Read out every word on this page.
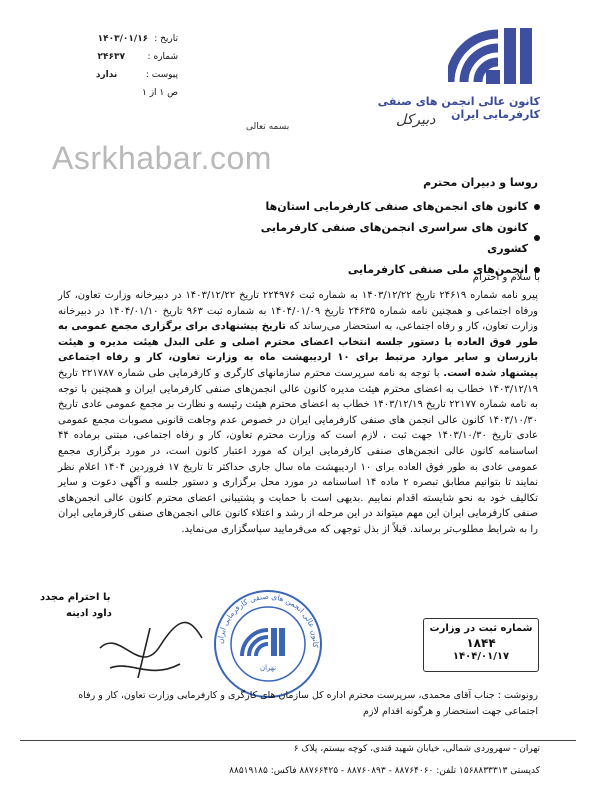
تاریخ :
۱۴۰۳/۰۱/۱۶
شماره :
۲۴۶۳۷
پیوست :
ندارد
ص ۱ از ۱
کانون عالی انجمن های صنفی کارفرمایی ایران
دبیرکل
بسمه تعالی
Asrkhabar.com
روسا و دبیران محترم
کانون های انجمن‌های صنفی کارفرمایی استان‌ها
کانون های سراسری انجمن‌های صنفی کارفرمایی کشوری
انجمن‌های ملی صنفی کارفرمایی
با سلام و احترام
پیرو نامه شماره ۲۴۶۱۹ تاریخ ۱۴۰۳/۱۲/۲۲ به شماره ثبت ۲۲۴۹۷۶ تاریخ ۱۴۰۳/۱۲/۲۲ در دبیرخانه وزارت تعاون، کار ورفاه اجتماعی و همچنین نامه شماره ۲۴۶۳۵ تاریخ ۱۴۰۴/۰۱/۰۹ به شماره ثبت ۹۶۳ تاریخ ۱۴۰۴/۰۱/۱۰ در دبیرخانه وزارت تعاون، کار و رفاه اجتماعی، به استحضار می‌رساند که تاریخ پیشنهادی برای برگزاری مجمع عمومی به طور فوق العاده با دستور جلسه انتخاب اعضای محترم اصلی و علی البدل هیئت مدیره و هیئت بازرسان و سایر موارد مرتبط برای ۱۰ اردیبهشت ماه به وزارت تعاون، کار و رفاه اجتماعی پیشنهاد شده است. با توجه به نامه سرپرست محترم سازمانهای کارگری و کارفرمایی طی شماره ۲۲۱۷۸۷ تاریخ ۱۴۰۳/۱۲/۱۹ خطاب به اعضای محترم هیئت مدیره کانون عالی انجمن‌های صنفی کارفرمایی ایران و همچنین با توجه به نامه شماره ۲۲۱۷۷ تاریخ ۱۴۰۳/۱۲/۱۹ خطاب به اعضای محترم هیئت رئیسه و نظارت بر مجمع عمومی عادی تاریخ ۱۴۰۳/۱۰/۳۰ کانون عالی انجمن های صنفی کارفرمایی ایران در خصوص عدم وجاهت قانونی مصوبات مجمع عمومی عادی تاریخ ۱۴۰۳/۱۰/۳۰ جهت ثبت ، لازم است که وزارت محترم تعاون، کار و رفاه اجتماعی، مبتنی برماده ۴۴ اساسنامه کانون عالی انجمن‌های صنفی کارفرمایی ایران که مورد اعتبار کانون است، در مورد برگزاری مجمع عمومی عادی به طور فوق العاده برای ۱۰ اردیبهشت ماه سال جاری حداکثر تا تاریخ ۱۷ فروردین ۱۴۰۴ اعلام نظر نمایند تا بتوانیم مطابق تبصره ۲ ماده ۱۴ اساسنامه در مورد محل برگزاری و دستور جلسه و آگهی دعوت و سایر تکالیف خود به نحو شایسته اقدام نماییم .بدیهی است با حمایت و پشتیبانی اعضای محترم کانون عالی انجمن‌های صنفی کارفرمایی ایران این مهم میتواند در این مرحله از رشد و اعتلاء کانون عالی انجمن‌های صنفی کارفرمایی ایران را به شرایط مطلوب‌تر برساند. قبلاً از بذل توجهی که می‌فرمایید سپاسگزاری می‌نماید.
با احترام مجدد
داود ادینه
کانون عالی انجمن های صنفی کارفرمایی ایران
تهران
شماره ثبت در وزارت
۱۸۴۴
۱۴۰۴/۰۱/۱۷
رونوشت : جناب آقای محمدی، سرپرست محترم اداره کل سازمان های کارگری و کارفرمایی وزارت تعاون، کار و رفاه اجتماعی جهت استحضار و هرگونه اقدام لازم
تهران - سهروردی شمالی، خیابان شهید قندی، کوچه بیستم، پلاک ۶
کدپستی ۱۵۶۸۸۳۳۳۱۳ تلفن: ۸۸۷۶۴۰۶۰ - ۸۸۷۶۰۸۹۳ - ۸۸۷۶۶۴۲۵ فاکس: ۸۸۵۱۹۱۸۵
